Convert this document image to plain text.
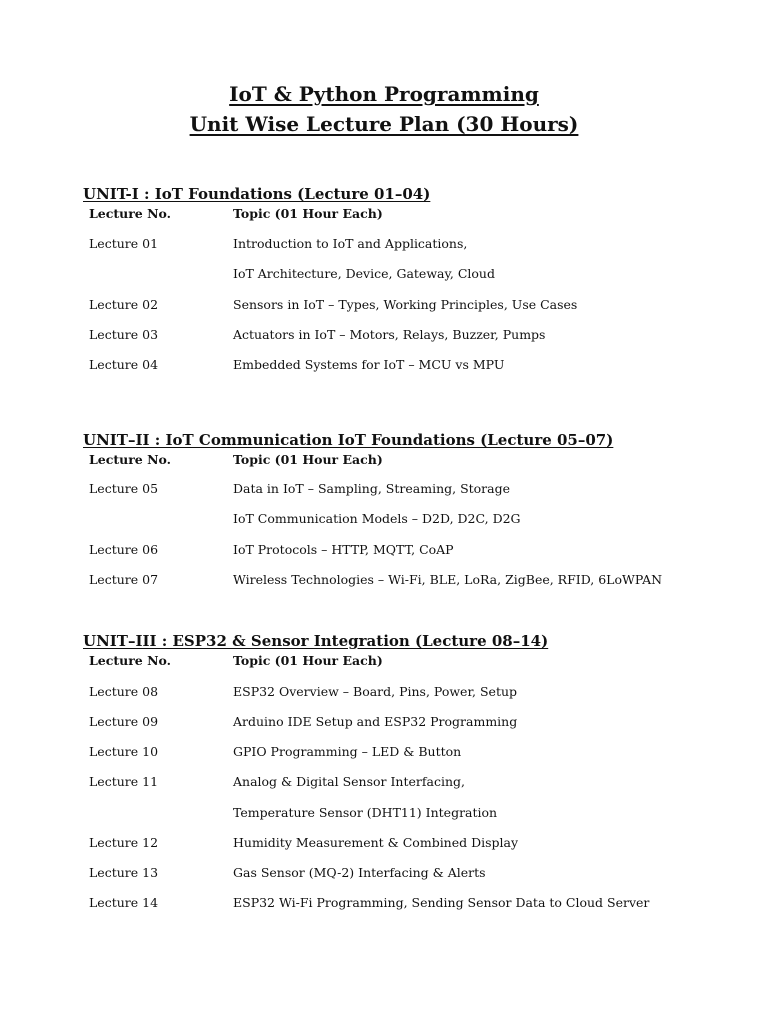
IoT & Python Programming
Unit Wise Lecture Plan (30 Hours)
UNIT-I : IoT Foundations (Lecture 01–04)
Lecture No.	Topic (01 Hour Each)
Lecture 01	Introduction to IoT and Applications,
IoT Architecture, Device, Gateway, Cloud
Lecture 02	Sensors in IoT – Types, Working Principles, Use Cases
Lecture 03	Actuators in IoT – Motors, Relays, Buzzer, Pumps
Lecture 04	Embedded Systems for IoT – MCU vs MPU
UNIT–II : IoT Communication IoT Foundations (Lecture 05–07)
Lecture No.	Topic (01 Hour Each)
Lecture 05	Data in IoT – Sampling, Streaming, Storage
IoT Communication Models – D2D, D2C, D2G
Lecture 06	IoT Protocols – HTTP, MQTT, CoAP
Lecture 07	Wireless Technologies – Wi-Fi, BLE, LoRa, ZigBee, RFID, 6LoWPAN
UNIT–III : ESP32 & Sensor Integration (Lecture 08–14)
Lecture No.	Topic (01 Hour Each)
Lecture 08	ESP32 Overview – Board, Pins, Power, Setup
Lecture 09	Arduino IDE Setup and ESP32 Programming
Lecture 10	GPIO Programming – LED & Button
Lecture 11	Analog & Digital Sensor Interfacing,
Temperature Sensor (DHT11) Integration
Lecture 12	Humidity Measurement & Combined Display
Lecture 13	Gas Sensor (MQ-2) Interfacing & Alerts
Lecture 14	ESP32 Wi-Fi Programming, Sending Sensor Data to Cloud Server
